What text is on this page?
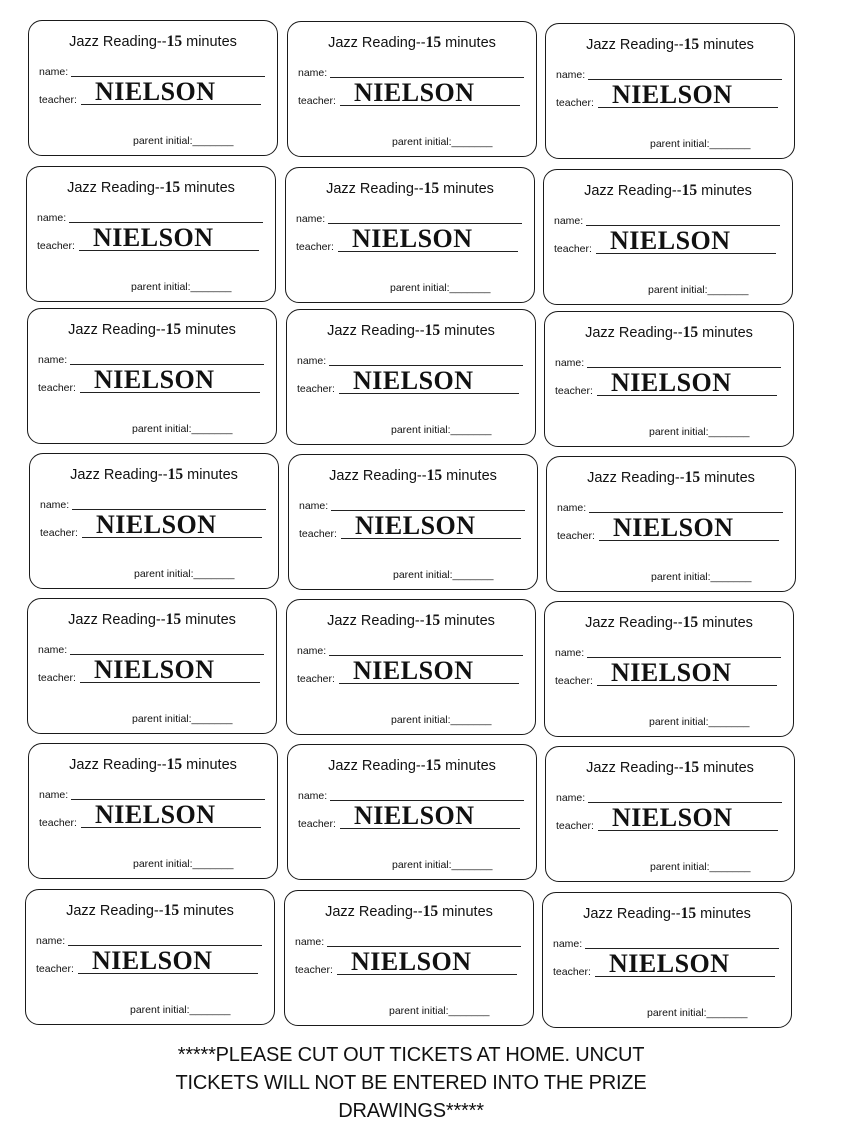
Jazz Reading--15 minutes
name:
teacher: NIELSON
parent initial:_______
Jazz Reading--15 minutes
name:
teacher: NIELSON
parent initial:_______
Jazz Reading--15 minutes
name:
teacher: NIELSON
parent initial:_______
Jazz Reading--15 minutes
name:
teacher: NIELSON
parent initial:_______
Jazz Reading--15 minutes
name:
teacher: NIELSON
parent initial:_______
Jazz Reading--15 minutes
name:
teacher: NIELSON
parent initial:_______
Jazz Reading--15 minutes
name:
teacher: NIELSON
parent initial:_______
Jazz Reading--15 minutes
name:
teacher: NIELSON
parent initial:_______
Jazz Reading--15 minutes
name:
teacher: NIELSON
parent initial:_______
Jazz Reading--15 minutes
name:
teacher: NIELSON
parent initial:_______
Jazz Reading--15 minutes
name:
teacher: NIELSON
parent initial:_______
Jazz Reading--15 minutes
name:
teacher: NIELSON
parent initial:_______
Jazz Reading--15 minutes
name:
teacher: NIELSON
parent initial:_______
Jazz Reading--15 minutes
name:
teacher: NIELSON
parent initial:_______
Jazz Reading--15 minutes
name:
teacher: NIELSON
parent initial:_______
Jazz Reading--15 minutes
name:
teacher: NIELSON
parent initial:_______
Jazz Reading--15 minutes
name:
teacher: NIELSON
parent initial:_______
Jazz Reading--15 minutes
name:
teacher: NIELSON
parent initial:_______
Jazz Reading--15 minutes
name:
teacher: NIELSON
parent initial:_______
Jazz Reading--15 minutes
name:
teacher: NIELSON
parent initial:_______
Jazz Reading--15 minutes
name:
teacher: NIELSON
parent initial:_______
*****PLEASE CUT OUT TICKETS AT HOME. UNCUT
TICKETS WILL NOT BE ENTERED INTO THE PRIZE
DRAWINGS*****
